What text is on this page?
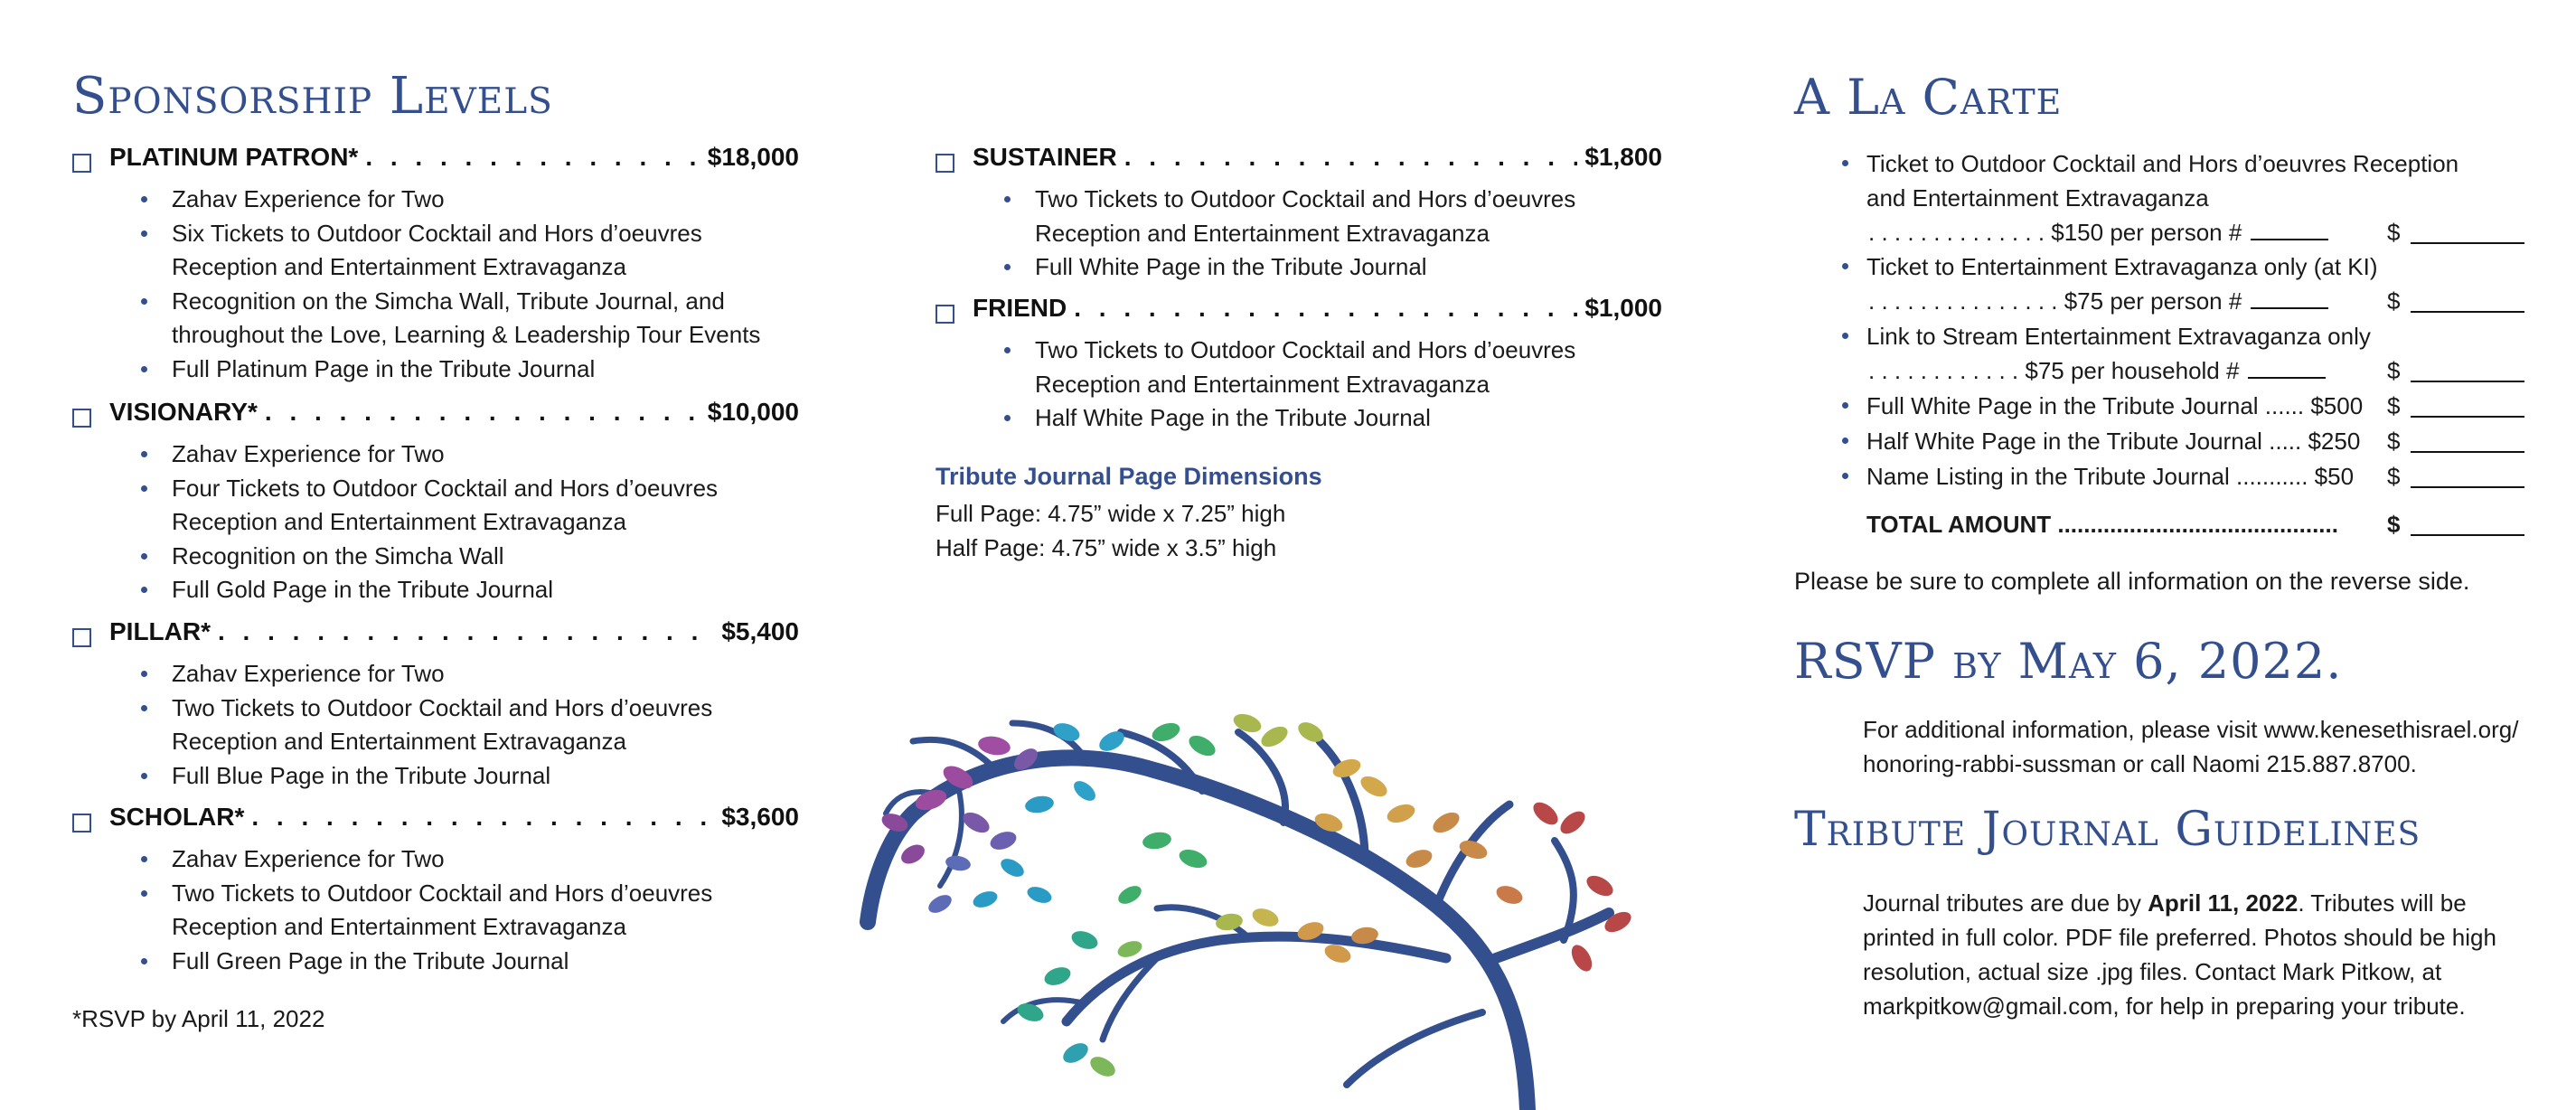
Sponsorship Levels
PLATINUM PATRON* . . .	$18,000
Zahav Experience for Two
Six Tickets to Outdoor Cocktail and Hors d’oeuvres
Reception and Entertainment Extravaganza
Recognition on the Simcha Wall, Tribute Journal, and
throughout the Love, Learning & Leadership Tour Events
Full Platinum Page in the Tribute Journal
VISIONARY* . . .	$10,000
Zahav Experience for Two
Four Tickets to Outdoor Cocktail and Hors d’oeuvres
Reception and Entertainment Extravaganza
Recognition on the Simcha Wall
Full Gold Page in the Tribute Journal
PILLAR* . . .	$5,400
Zahav Experience for Two
Two Tickets to Outdoor Cocktail and Hors d’oeuvres
Reception and Entertainment Extravaganza
Full Blue Page in the Tribute Journal
SCHOLAR* . . .	$3,600
Zahav Experience for Two
Two Tickets to Outdoor Cocktail and Hors d’oeuvres
Reception and Entertainment Extravaganza
Full Green Page in the Tribute Journal
*RSVP by April 11, 2022
SUSTAINER . . .	$1,800
Two Tickets to Outdoor Cocktail and Hors d’oeuvres
Reception and Entertainment Extravaganza
Full White Page in the Tribute Journal
FRIEND . . .	$1,000
Two Tickets to Outdoor Cocktail and Hors d’oeuvres
Reception and Entertainment Extravaganza
Half White Page in the Tribute Journal
Tribute Journal Page Dimensions
Full Page: 4.75” wide x 7.25” high
Half Page: 4.75” wide x 3.5” high
A La Carte
Ticket to Outdoor Cocktail and Hors d’oeuvres Reception
and Entertainment Extravaganza
. . . . . . . . . . . . . . $150 per person #	$
Ticket to Entertainment Extravaganza only (at KI)
. . . . . . . . . . . . . . . $75 per person #	$
Link to Stream Entertainment Extravaganza only
. . . . . . . . . . . . $75 per household #	$
Full White Page in the Tribute Journal ...... $500 $
Half White Page in the Tribute Journal ..... $250 $
Name Listing in the Tribute Journal ........... $50 $
TOTAL AMOUNT ........................................... $
Please be sure to complete all information on the reverse side.
RSVP by May 6, 2022.
For additional information, please visit www.kenesethisrael.org/
honoring-rabbi-sussman or call Naomi 215.887.8700.
Tribute Journal Guidelines
Journal tributes are due by April 11, 2022. Tributes will be
printed in full color. PDF file preferred. Photos should be high
resolution, actual size .jpg files. Contact Mark Pitkow, at
markpitkow@gmail.com, for help in preparing your tribute.
